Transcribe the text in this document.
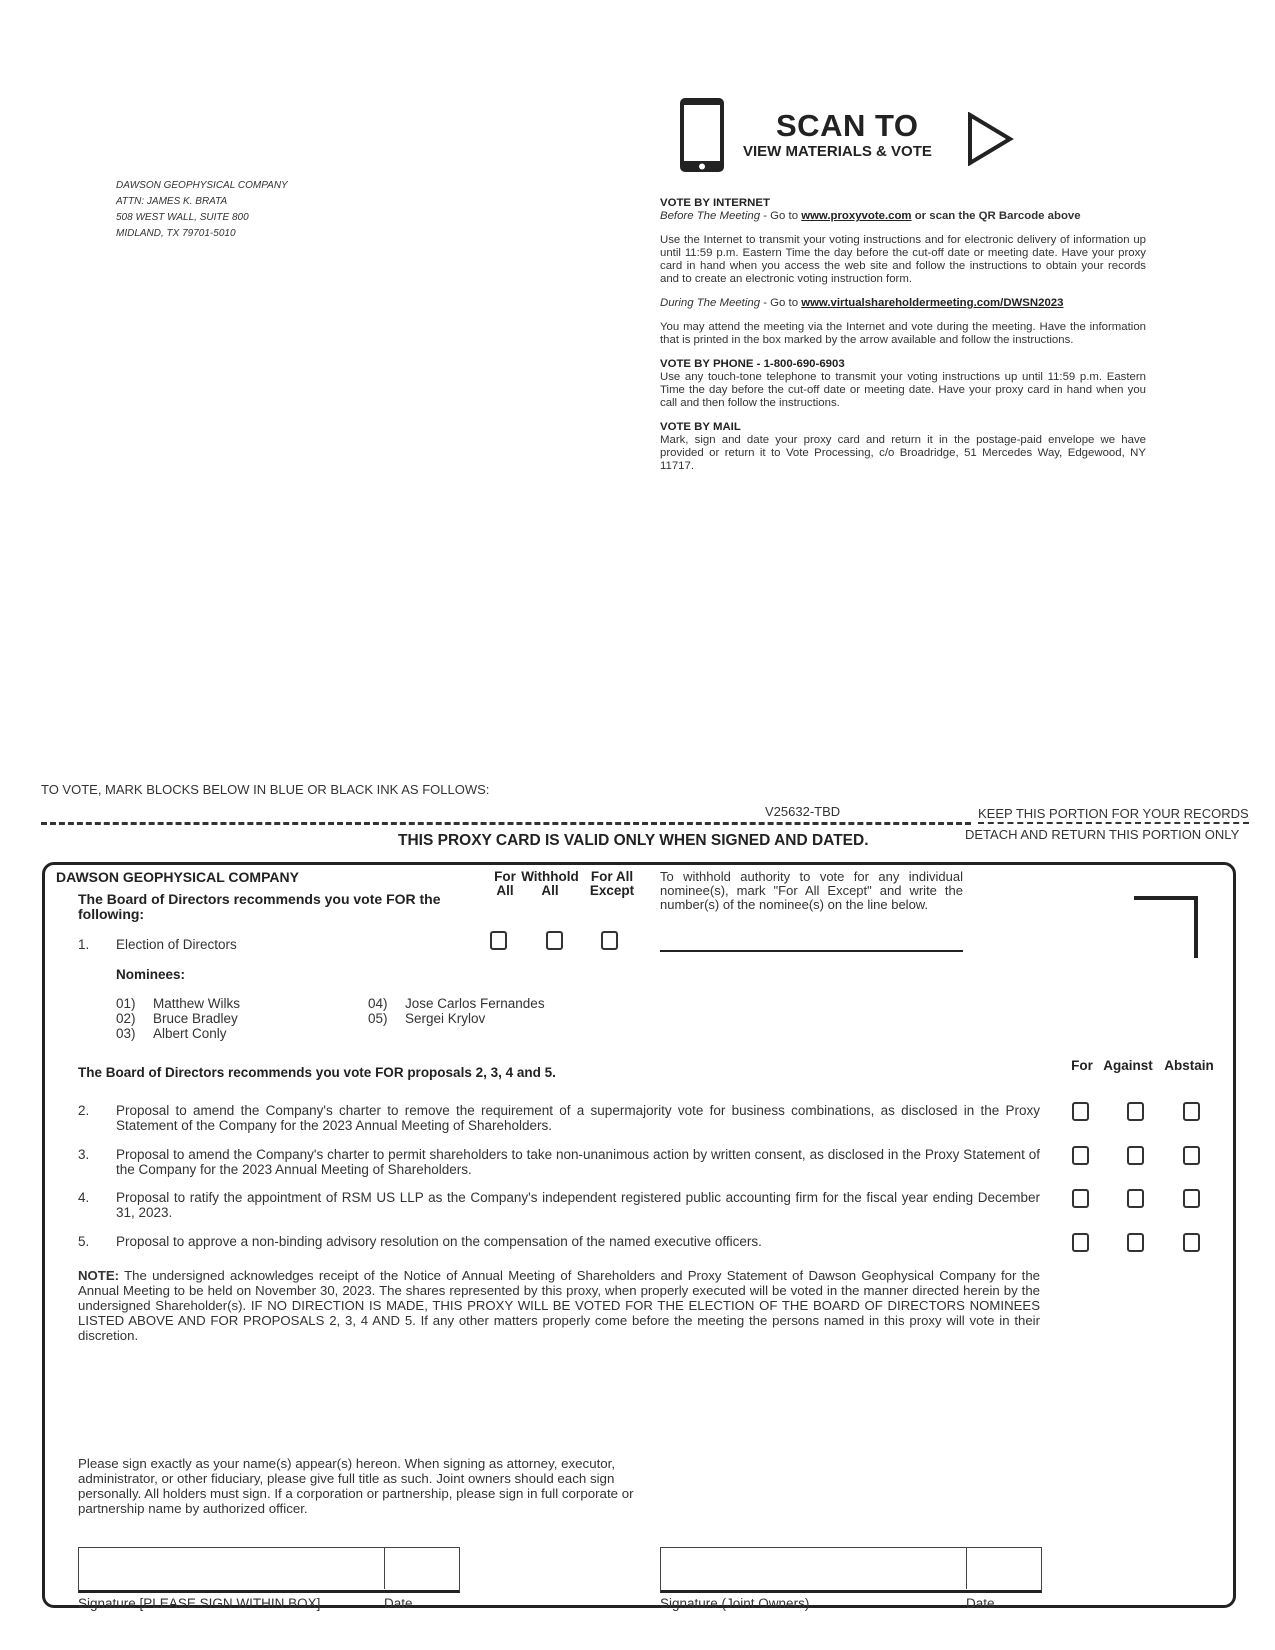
DAWSON GEOPHYSICAL COMPANY
ATTN: JAMES K. BRATA
508 WEST WALL, SUITE 800
MIDLAND, TX 79701-5010
SCAN TO
VIEW MATERIALS & VOTE

VOTE BY INTERNET

Before The Meeting - Go to www.proxyvote.com or scan the QR Barcode above

Use the Internet to transmit your voting instructions and for electronic delivery of information up until 11:59 p.m. Eastern Time the day before the cut-off date or meeting date. Have your proxy card in hand when you access the web site and follow the instructions to obtain your records and to create an electronic voting instruction form.

During The Meeting - Go to www.virtualshareholdermeeting.com/DWSN2023

You may attend the meeting via the Internet and vote during the meeting. Have the information that is printed in the box marked by the arrow available and follow the instructions.

VOTE BY PHONE - 1-800-690-6903

Use any touch-tone telephone to transmit your voting instructions up until 11:59 p.m. Eastern Time the day before the cut-off date or meeting date. Have your proxy card in hand when you call and then follow the instructions.

VOTE BY MAIL

Mark, sign and date your proxy card and return it in the postage-paid envelope we have provided or return it to Vote Processing, c/o Broadridge, 51 Mercedes Way, Edgewood, NY 11717.

TO VOTE, MARK BLOCKS BELOW IN BLUE OR BLACK INK AS FOLLOWS:
V25632-TBD	KEEP THIS PORTION FOR YOUR RECORDS
DETACH AND RETURN THIS PORTION ONLY
THIS PROXY CARD IS VALID ONLY WHEN SIGNED AND DATED.
DAWSON GEOPHYSICAL COMPANY
The Board of Directors recommends you vote FOR the following:
For
All
Withhold
All
For All
Except
To withhold authority to vote for any individual nominee(s), mark "For All Except" and write the number(s) of the nominee(s) on the line below.
1. Election of Directors
Nominees:
01) Matthew Wilks
02) Bruce Bradley
03) Albert Conly
04) Jose Carlos Fernandes
05) Sergei Krylov
The Board of Directors recommends you vote FOR proposals 2, 3, 4 and 5.	For Against Abstain
2. Proposal to amend the Company's charter to remove the requirement of a supermajority vote for business combinations, as disclosed in the Proxy Statement of the Company for the 2023 Annual Meeting of Shareholders.
3. Proposal to amend the Company's charter to permit shareholders to take non-unanimous action by written consent, as disclosed in the Proxy Statement of the Company for the 2023 Annual Meeting of Shareholders.
4. Proposal to ratify the appointment of RSM US LLP as the Company's independent registered public accounting firm for the fiscal year ending December 31, 2023.
5. Proposal to approve a non-binding advisory resolution on the compensation of the named executive officers.
NOTE: The undersigned acknowledges receipt of the Notice of Annual Meeting of Shareholders and Proxy Statement of Dawson Geophysical Company for the Annual Meeting to be held on November 30, 2023. The shares represented by this proxy, when properly executed will be voted in the manner directed herein by the undersigned Shareholder(s). IF NO DIRECTION IS MADE, THIS PROXY WILL BE VOTED FOR THE ELECTION OF THE BOARD OF DIRECTORS NOMINEES LISTED ABOVE AND FOR PROPOSALS 2, 3, 4 AND 5. If any other matters properly come before the meeting the persons named in this proxy will vote in their discretion.
Please sign exactly as your name(s) appear(s) hereon. When signing as attorney, executor, administrator, or other fiduciary, please give full title as such. Joint owners should each sign personally. All holders must sign. If a corporation or partnership, please sign in full corporate or partnership name by authorized officer.
Signature [PLEASE SIGN WITHIN BOX]	Date	Signature (Joint Owners)	Date
